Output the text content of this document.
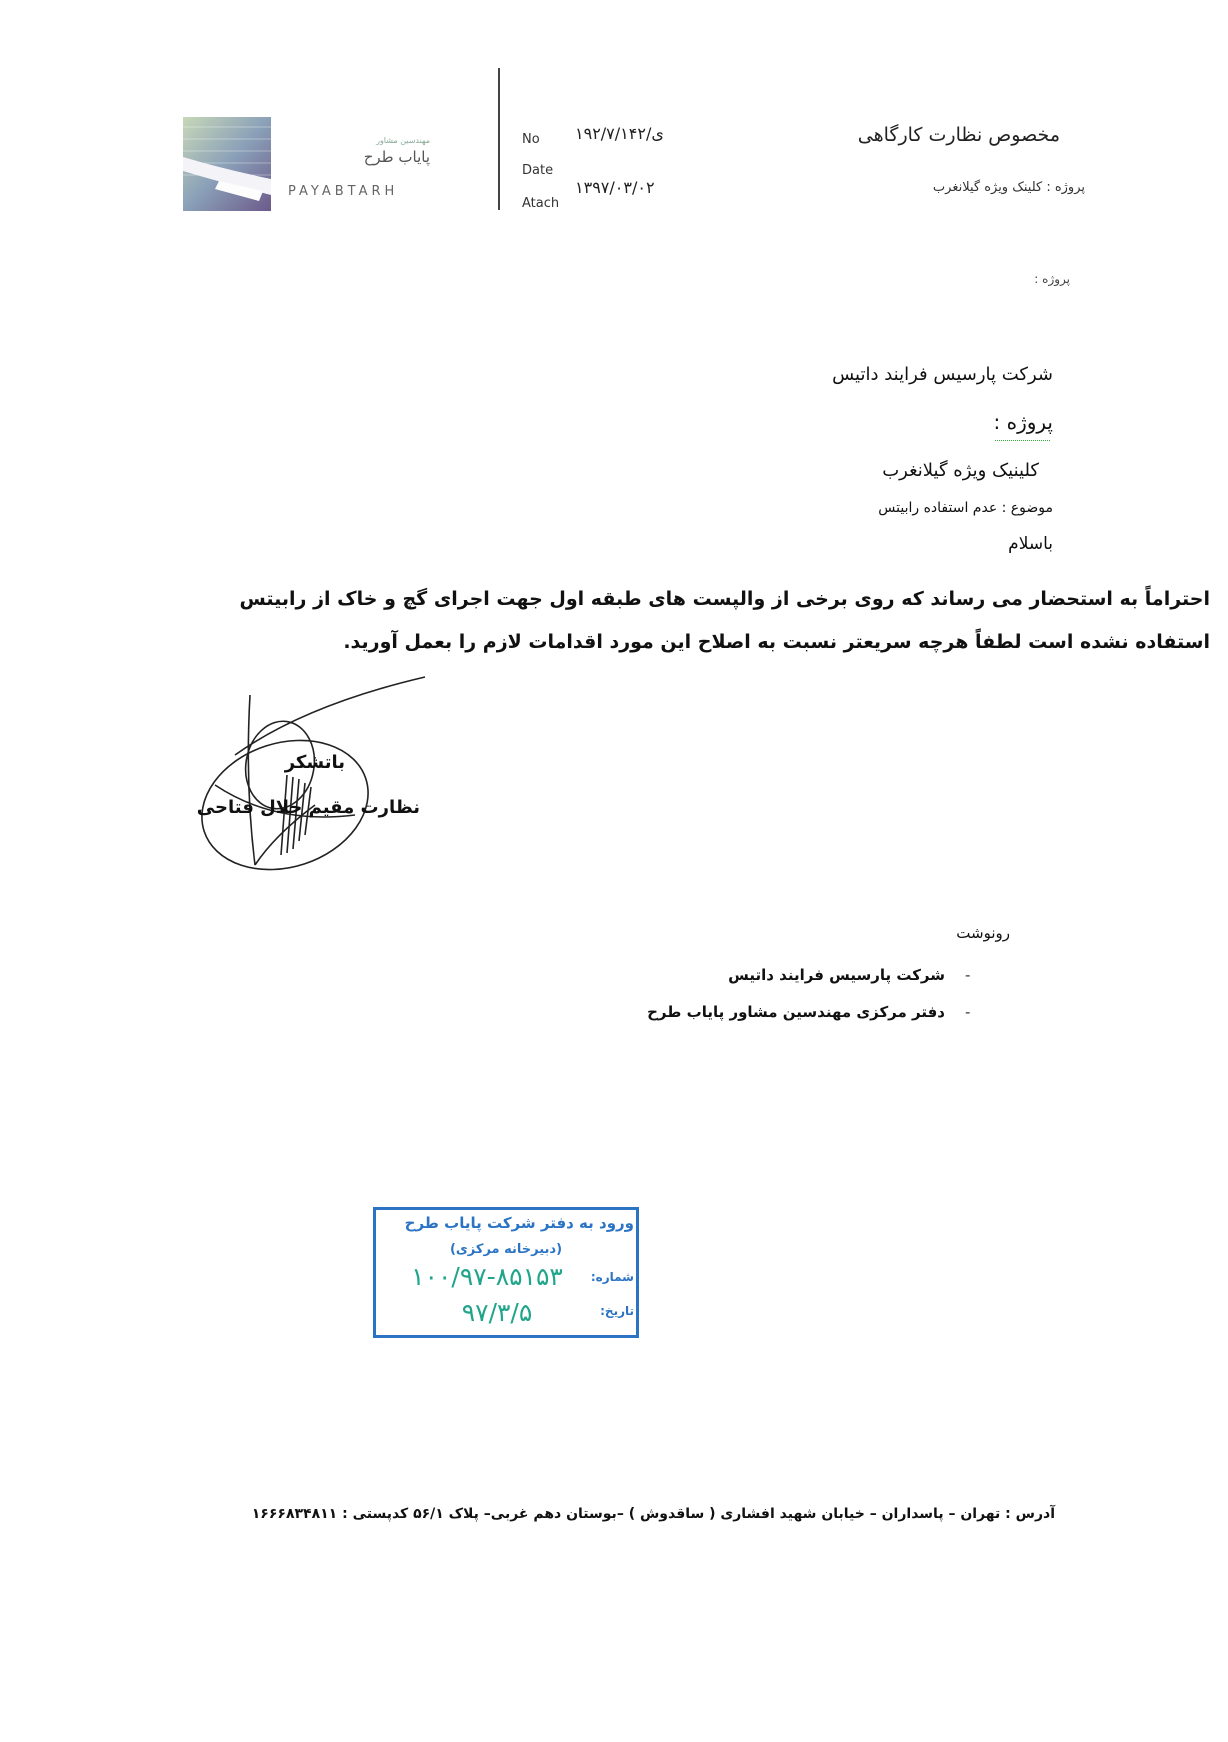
مهندسین مشاور
پایاب طرح
PAYABTARH
No
Date
Atach
۱۹۲/۷/ی/۱۴۲
۱۳۹۷/۰۳/۰۲
مخصوص نظارت کارگاهی
پروژه : کلینک ویژه گیلانغرب
پروژه :
شرکت پارسیس فرایند داتیس
پروژه :
کلینیک ویژه گیلانغرب
موضوع : عدم استفاده رابیتس
باسلام
احتراماً به استحضار می رساند که روی برخی از والپست های طبقه اول جهت اجرای گچ و خاک از رابیتس استفاده نشده است لطفاً هرچه سریعتر نسبت به اصلاح این مورد اقدامات لازم را بعمل آورید.
باتشکر
نظارت مقیم جلال فتاحی
رونوشت
شرکت پارسیس فرایند داتیس -
دفتر مرکزی مهندسین مشاور پایاب طرح -
ورود به دفتر شرکت پایاب طرح
(دبیرخانه مرکزی)
شماره:
تاریخ:
۱۰۰/۹۷-۸۵۱۵۳
۹۷/۳/۵
آدرس : تهران – پاسداران – خیابان شهید افشاری ( ساقدوش ) –بوستان دهم غربی– پلاک ۵۶/۱ کدپستی : ۱۶۶۶۸۳۴۸۱۱
